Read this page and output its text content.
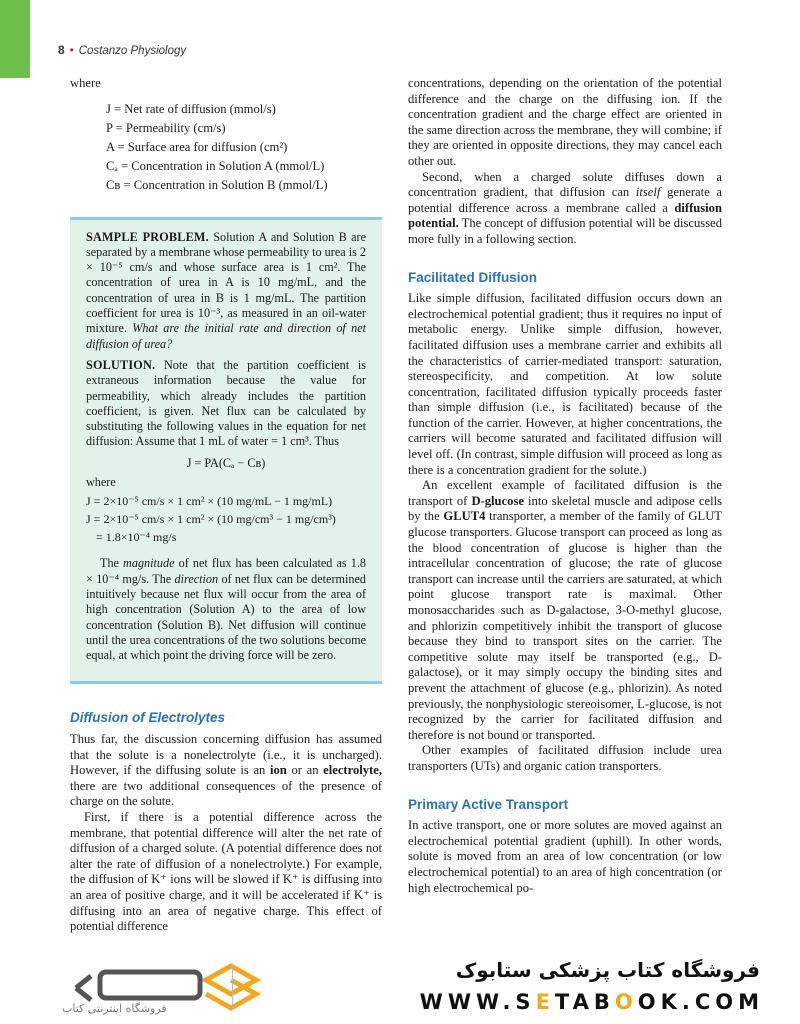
8 • Costanzo Physiology

where

J = Net rate of diffusion (mmol/s)
P = Permeability (cm/s)
A = Surface area for diffusion (cm²)
Cₐ = Concentration in Solution A (mmol/L)
Cʙ = Concentration in Solution B (mmol/L)

SAMPLE PROBLEM. Solution A and Solution B are separated by a membrane whose permeability to urea is 2 × 10⁻⁵ cm/s and whose surface area is 1 cm². The concentration of urea in A is 10 mg/mL, and the concentration of urea in B is 1 mg/mL. The partition coefficient for urea is 10⁻³, as measured in an oil-water mixture. What are the initial rate and direction of net diffusion of urea?

SOLUTION. Note that the partition coefficient is extraneous information because the value for permeability, which already includes the partition coefficient, is given. Net flux can be calculated by substituting the following values in the equation for net diffusion: Assume that 1 mL of water = 1 cm³. Thus

J = PA(Cₐ − Cʙ)
where
J = 2×10⁻⁵ cm/s × 1 cm² × (10 mg/mL − 1 mg/mL)
J = 2×10⁻⁵ cm/s × 1 cm² × (10 mg/cm³ − 1 mg/cm³)
= 1.8×10⁻⁴ mg/s

The magnitude of net flux has been calculated as 1.8 × 10⁻⁴ mg/s. The direction of net flux can be determined intuitively because net flux will occur from the area of high concentration (Solution A) to the area of low concentration (Solution B). Net diffusion will continue until the urea concentrations of the two solutions become equal, at which point the driving force will be zero.

Diffusion of Electrolytes

Thus far, the discussion concerning diffusion has assumed that the solute is a nonelectrolyte (i.e., it is uncharged). However, if the diffusing solute is an ion or an electrolyte, there are two additional consequences of the presence of charge on the solute.

First, if there is a potential difference across the membrane, that potential difference will alter the net rate of diffusion of a charged solute. (A potential difference does not alter the rate of diffusion of a nonelectrolyte.) For example, the diffusion of K⁺ ions will be slowed if K⁺ is diffusing into an area of positive charge, and it will be accelerated if K⁺ is diffusing into an area of negative charge. This effect of potential difference

concentrations, depending on the orientation of the potential difference and the charge on the diffusing ion. If the concentration gradient and the charge effect are oriented in the same direction across the membrane, they will combine; if they are oriented in opposite directions, they may cancel each other out.

Second, when a charged solute diffuses down a concentration gradient, that diffusion can itself generate a potential difference across a membrane called a diffusion potential. The concept of diffusion potential will be discussed more fully in a following section.

Facilitated Diffusion

Like simple diffusion, facilitated diffusion occurs down an electrochemical potential gradient; thus it requires no input of metabolic energy. Unlike simple diffusion, however, facilitated diffusion uses a membrane carrier and exhibits all the characteristics of carrier-mediated transport: saturation, stereospecificity, and competition. At low solute concentration, facilitated diffusion typically proceeds faster than simple diffusion (i.e., is facilitated) because of the function of the carrier. However, at higher concentrations, the carriers will become saturated and facilitated diffusion will level off. (In contrast, simple diffusion will proceed as long as there is a concentration gradient for the solute.)

An excellent example of facilitated diffusion is the transport of D-glucose into skeletal muscle and adipose cells by the GLUT4 transporter, a member of the family of GLUT glucose transporters. Glucose transport can proceed as long as the blood concentration of glucose is higher than the intracellular concentration of glucose; the rate of glucose transport can increase until the carriers are saturated, at which point glucose transport rate is maximal. Other monosaccharides such as D-galactose, 3-O-methyl glucose, and phlorizin competitively inhibit the transport of glucose because they bind to transport sites on the carrier. The competitive solute may itself be transported (e.g., D-galactose), or it may simply occupy the binding sites and prevent the attachment of glucose (e.g., phlorizin). As noted previously, the nonphysiologic stereoisomer, L-glucose, is not recognized by the carrier for facilitated diffusion and therefore is not bound or transported.

Other examples of facilitated diffusion include urea transporters (UTs) and organic cation transporters.

Primary Active Transport

In active transport, one or more solutes are moved against an electrochemical potential gradient (uphill). In other words, solute is moved from an area of low concentration (or low electrochemical potential) to an area of high concentration (or high electrochemical po-

فروشگاه اینترنتی کتاب
فروشگاه کتاب پزشکی ستابوک
WWW.SETABOOK.COM
